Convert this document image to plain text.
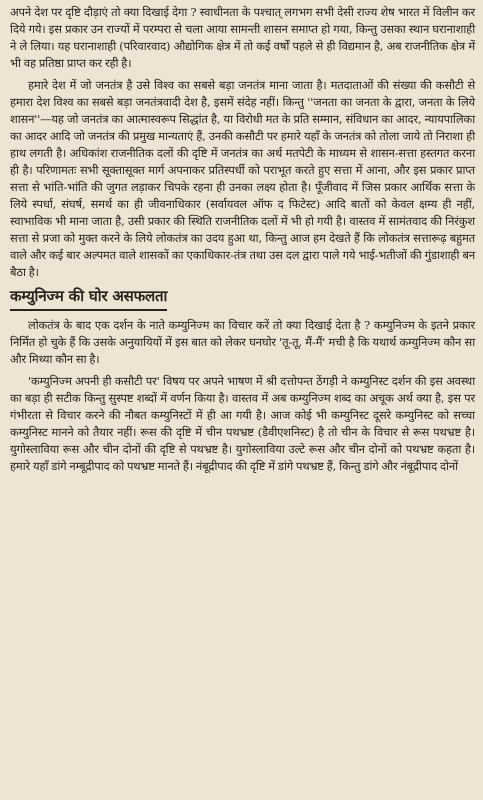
अपने देश पर दृष्टि दौड़ाएं तो क्या दिखाई देगा ? स्वाधीनता के पश्चात् लगभग सभी देसी राज्य शेष भारत में विलीन कर दिये गये। इस प्रकार उन राज्यों में परम्परा से चला आया सामन्ती शासन समाप्त हो गया, किन्तु उसका स्थान घरानाशाही ने ले लिया। यह घरानाशाही (परिवारवाद) औद्योगिक क्षेत्र में तो कई वर्षों पहले से ही विद्यमान है, अब राजनीतिक क्षेत्र में भी वह प्रतिष्ठा प्राप्त कर रही है।

हमारे देश में जो जनतंत्र है उसे विश्व का सबसे बड़ा जनतंत्र माना जाता है। मतदाताओं की संख्या की कसौटी से हमारा देश विश्व का सबसे बड़ा जनतंत्रवादी देश है, इसमें संदेह नहीं। किन्तु ''जनता का जनता के द्वारा, जनता के लिये शासन''—यह जो जनतंत्र का आत्मास्वरूप सिद्धांत है, या विरोधी मत के प्रति सम्मान, संविधान का आदर, न्यायपालिका का आदर आदि जो जनतंत्र की प्रमुख मान्यताएं हैं, उनकी कसौटी पर हमारे यहाँ के जनतंत्र को तोला जाये तो निराशा ही हाथ लगती है। अधिकांश राजनीतिक दलों की दृष्टि में जनतंत्र का अर्थ मतपेटी के माध्यम से शासन-सत्ता हस्तगत करना ही है। परिणामतः सभी सूक्तासूक्त मार्ग अपनाकर प्रतिस्पर्धी को पराभूत करते हुए सत्ता में आना, और इस प्रकार प्राप्त सत्ता से भांति-भांति की जुगत लड़ाकर चिपके रहना ही उनका लक्ष्य होता है। पूँजीवाद में जिस प्रकार आर्थिक सत्ता के लिये स्पर्धा, संघर्ष, समर्थ का ही जीवनाधिकार (सर्वायवल ऑफ द फिटेस्ट) आदि बातों को केवल क्षम्य ही नहीं, स्वाभाविक भी माना जाता है, उसी प्रकार की स्थिति राजनीतिक दलों में भी हो गयी है। वास्तव में सामंतवाद की निरंकुश सत्ता से प्रजा को मुक्त करने के लिये लोकतंत्र का उदय हुआ था, किन्तु आज हम देखते हैं कि लोकतंत्र सत्तारूढ़ बहुमत वाले और कई बार अल्पमत वाले शासकों का एकाधिकार-तंत्र तथा उस दल द्वारा पाले गये भाई-भतीजों की गुंडाशाही बन बैठा है।

कम्युनिज्म की घोर असफलता

लोकतंत्र के बाद एक दर्शन के नाते कम्युनिज्म का विचार करें तो क्या दिखाई देता है ? कम्युनिज्म के इतने प्रकार निर्मित हो चुके हैं कि उसके अनुयायियों में इस बात को लेकर घनघोर 'तू-तू, मैं-मैं' मची है कि यथार्थ कम्युनिज्म कौन सा और मिथ्या कौन सा है।

'कम्युनिज्म अपनी ही कसौटी पर' विषय पर अपने भाषण में श्री दत्तोपन्त ठेंगड़ी ने कम्युनिस्ट दर्शन की इस अवस्था का बड़ा ही सटीक किन्तु सुस्पष्ट शब्दों में वर्णन किया है। वास्तव में अब कम्युनिज्म शब्द का अचूक अर्थ क्या है, इस पर गंभीरता से विचार करने की नौबत कम्युनिस्टों में ही आ गयी है। आज कोई भी कम्युनिस्ट दूसरे कम्युनिस्ट को सच्चा कम्युनिस्ट मानने को तैयार नहीं। रूस की दृष्टि में चीन पथभ्रष्ट (डैवीएशनिस्ट) है तो चीन के विचार से रूस पथभ्रष्ट है। युगोस्लाविया रूस और चीन दोनों की दृष्टि से पथभ्रष्ट है। युगोस्लाविया उल्टे रूस और चीन दोनों को पथभ्रष्ट कहता है। हमारे यहाँ डांगे नम्बूद्रीपाद को पथभ्रष्ट मानते हैं। नंबूद्रीपाद की दृष्टि में डांगे पथभ्रष्ट हैं, किन्तु डांगे और नंबूद्रीपाद दोनों
